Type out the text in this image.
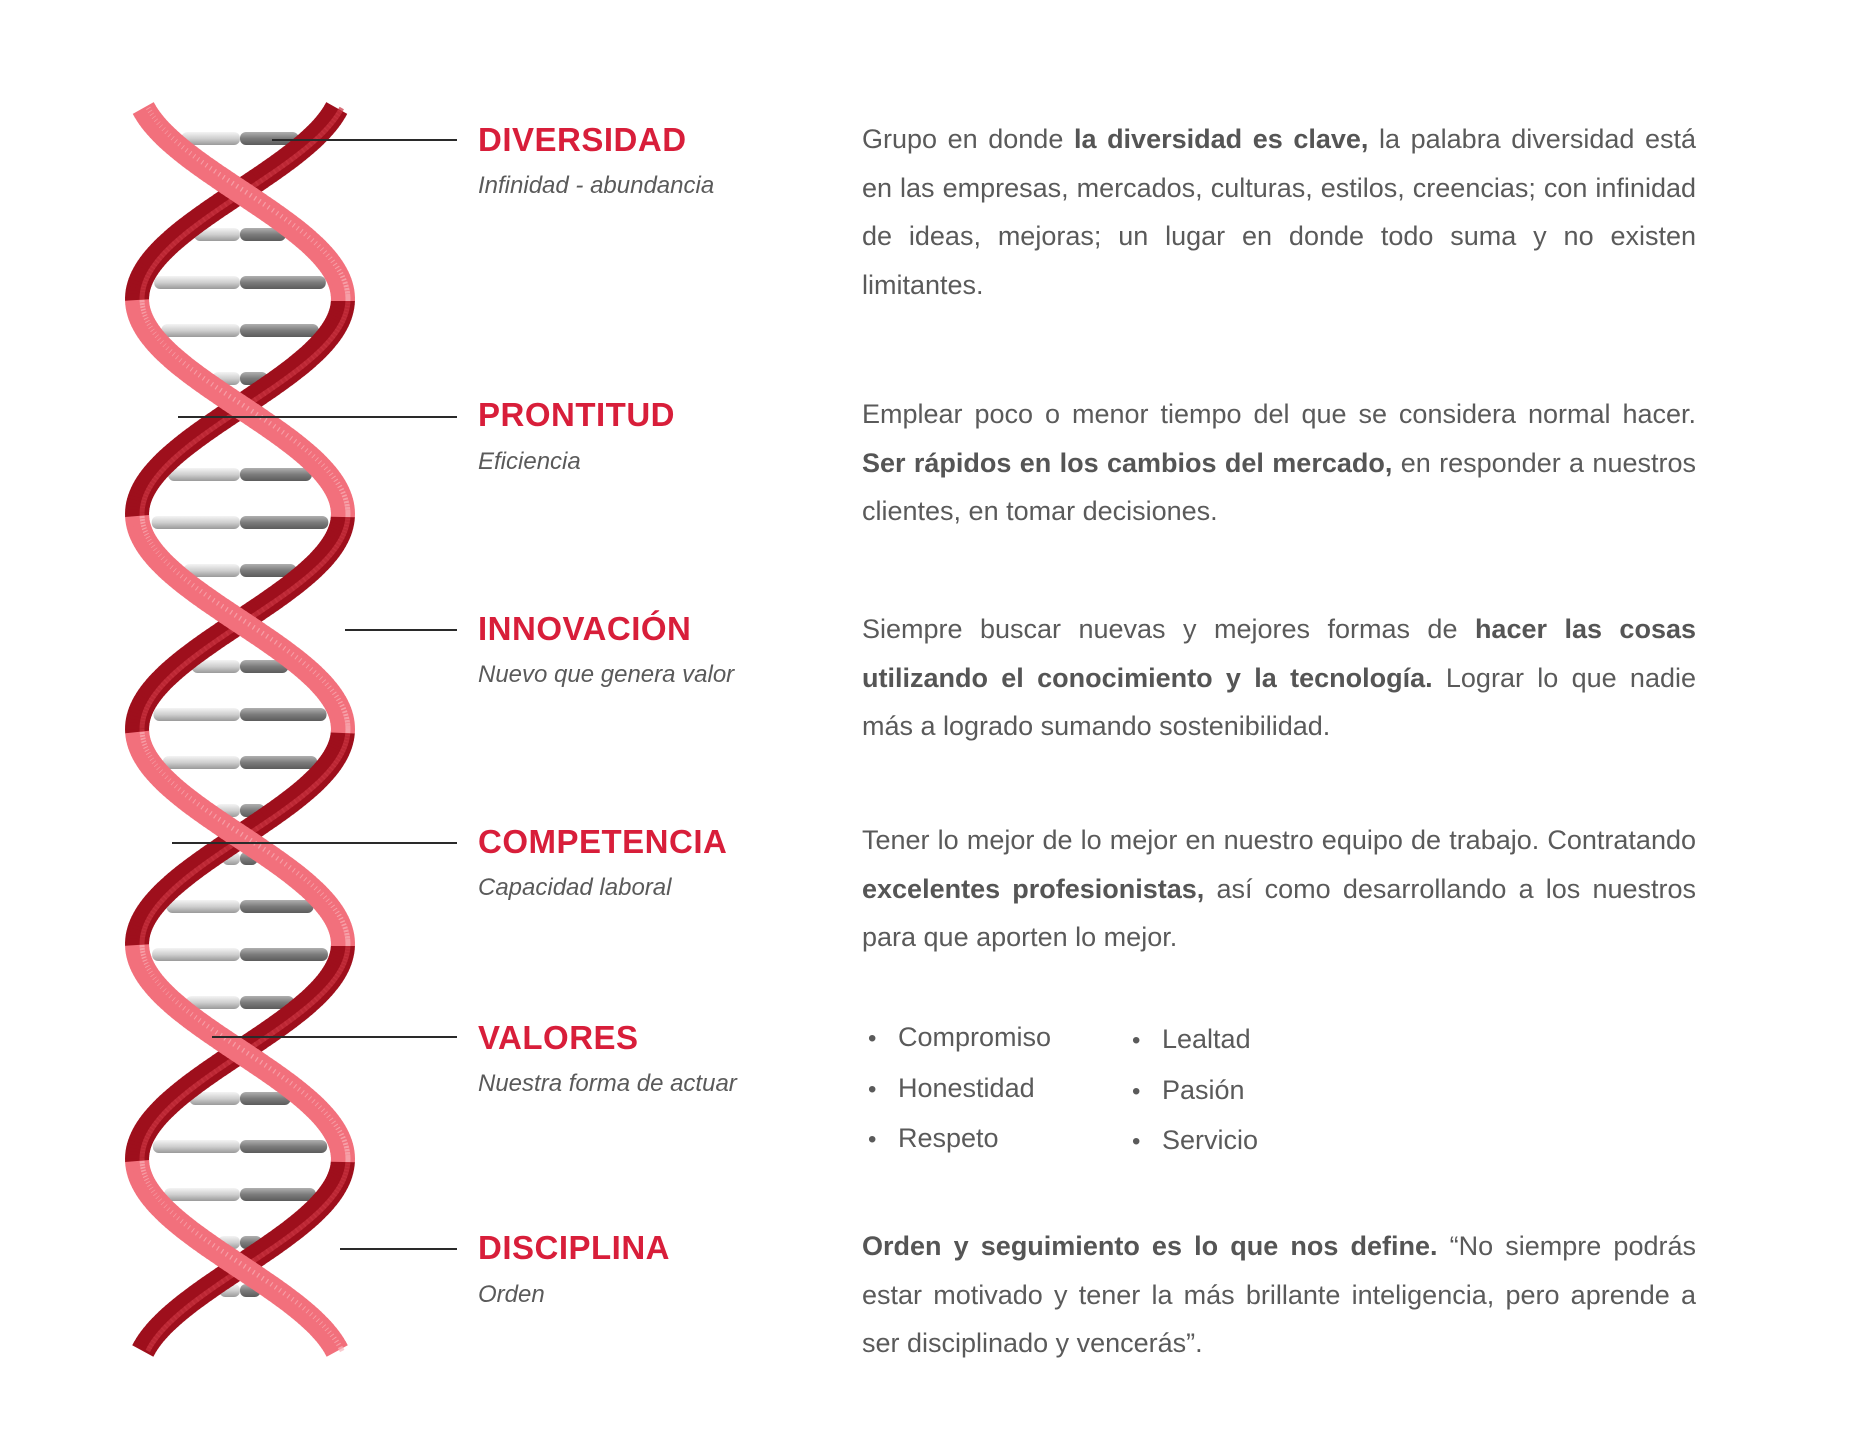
DIVERSIDAD
Infinidad - abundancia

Grupo en donde la diversidad es clave, la palabra diversidad está en las empresas, mercados, culturas, estilos, creencias; con infinidad de ideas, mejoras; un lugar en donde todo suma y no existen limitantes.

PRONTITUD
Eficiencia

Emplear poco o menor tiempo del que se considera normal hacer. Ser rápidos en los cambios del mercado, en responder a nuestros clientes, en tomar decisiones.

INNOVACIÓN
Nuevo que genera valor

Siempre buscar nuevas y mejores formas de hacer las cosas utilizando el conocimiento y la tecnología. Lograr lo que nadie más a logrado sumando sostenibilidad.

COMPETENCIA
Capacidad laboral

Tener lo mejor de lo mejor en nuestro equipo de trabajo. Contratando excelentes profesionistas, así como desarrollando a los nuestros para que aporten lo mejor.

VALORES
Nuestra forma de actuar
• Compromiso
• Honestidad
• Respeto
• Lealtad
• Pasión
• Servicio
DISCIPLINA
Orden

Orden y seguimiento es lo que nos define. “No siempre podrás estar motivado y tener la más brillante inteligencia, pero aprende a ser disciplinado y vencerás”.
